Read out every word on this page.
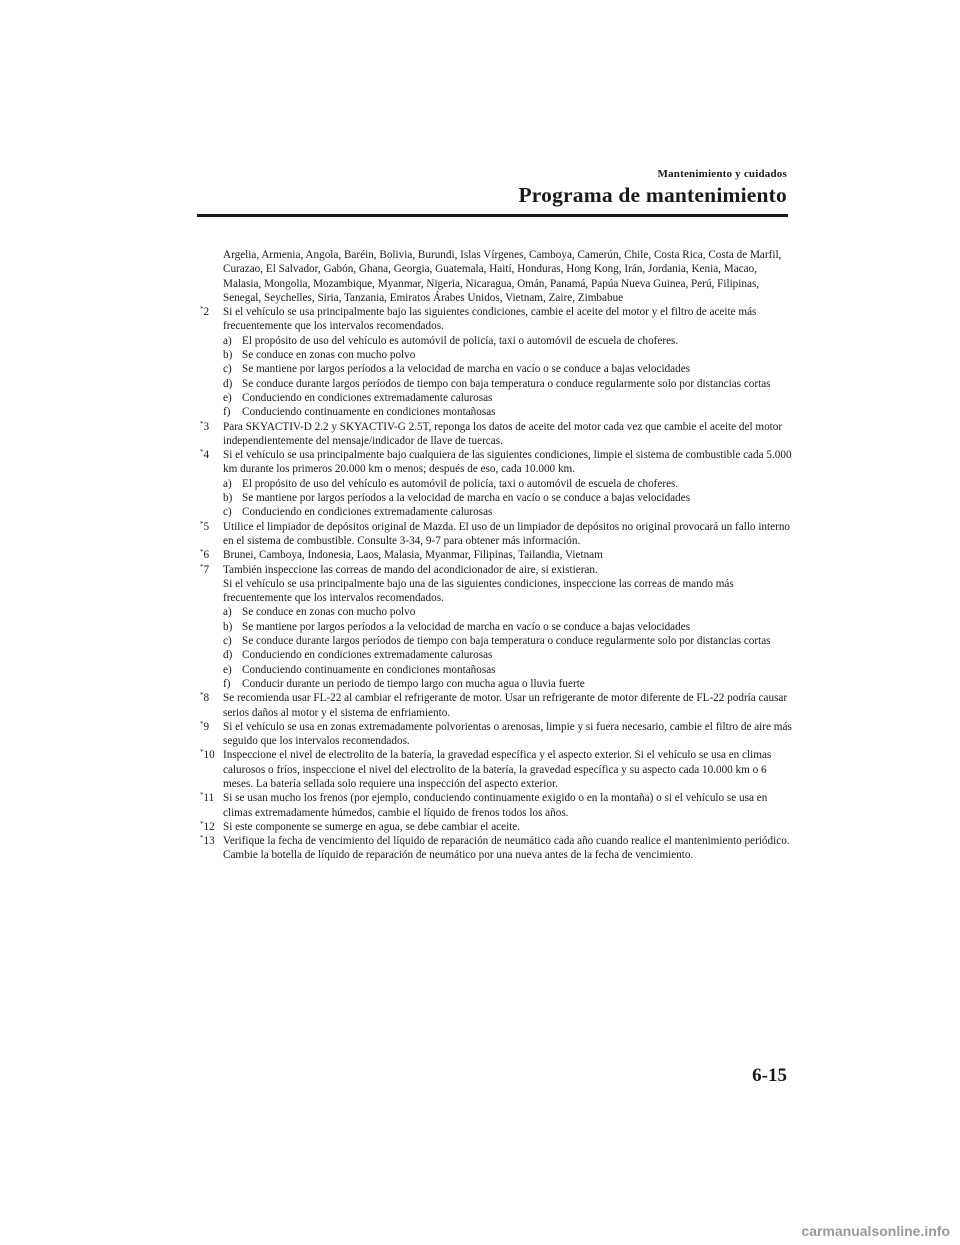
Mantenimiento y cuidados
Programa de mantenimiento
Argelia, Armenia, Angola, Baréin, Bolivia, Burundi, Islas Vírgenes, Camboya, Camerún, Chile, Costa Rica, Costa de Marfil, Curazao, El Salvador, Gabón, Ghana, Georgia, Guatemala, Haití, Honduras, Hong Kong, Irán, Jordania, Kenia, Macao, Malasia, Mongolia, Mozambique, Myanmar, Nigeria, Nicaragua, Omán, Panamá, Papúa Nueva Guinea, Perú, Filipinas, Senegal, Seychelles, Siria, Tanzania, Emiratos Árabes Unidos, Vietnam, Zaire, Zimbabue
*2 Si el vehículo se usa principalmente bajo las siguientes condiciones, cambie el aceite del motor y el filtro de aceite más frecuentemente que los intervalos recomendados.
a) El propósito de uso del vehículo es automóvil de policía, taxi o automóvil de escuela de choferes.
b) Se conduce en zonas con mucho polvo
c) Se mantiene por largos períodos a la velocidad de marcha en vacío o se conduce a bajas velocidades
d) Se conduce durante largos períodos de tiempo con baja temperatura o conduce regularmente solo por distancias cortas
e) Conduciendo en condiciones extremadamente calurosas
f) Conduciendo continuamente en condiciones montañosas
*3 Para SKYACTIV-D 2.2 y SKYACTIV-G 2.5T, reponga los datos de aceite del motor cada vez que cambie el aceite del motor independientemente del mensaje/indicador de llave de tuercas.
*4 Si el vehículo se usa principalmente bajo cualquiera de las siguientes condiciones, limpie el sistema de combustible cada 5.000 km durante los primeros 20.000 km o menos; después de eso, cada 10.000 km.
a) El propósito de uso del vehículo es automóvil de policía, taxi o automóvil de escuela de choferes.
b) Se mantiene por largos períodos a la velocidad de marcha en vacío o se conduce a bajas velocidades
c) Conduciendo en condiciones extremadamente calurosas
*5 Utilice el limpiador de depósitos original de Mazda. El uso de un limpiador de depósitos no original provocará un fallo interno en el sistema de combustible. Consulte 3-34, 9-7 para obtener más información.
*6 Brunei, Camboya, Indonesia, Laos, Malasia, Myanmar, Filipinas, Tailandia, Vietnam
*7 También inspeccione las correas de mando del acondicionador de aire, si existieran.
Si el vehículo se usa principalmente bajo una de las siguientes condiciones, inspeccione las correas de mando más frecuentemente que los intervalos recomendados.
a) Se conduce en zonas con mucho polvo
b) Se mantiene por largos períodos a la velocidad de marcha en vacío o se conduce a bajas velocidades
c) Se conduce durante largos períodos de tiempo con baja temperatura o conduce regularmente solo por distancias cortas
d) Conduciendo en condiciones extremadamente calurosas
e) Conduciendo continuamente en condiciones montañosas
f) Conducir durante un periodo de tiempo largo con mucha agua o lluvia fuerte
*8 Se recomienda usar FL-22 al cambiar el refrigerante de motor. Usar un refrigerante de motor diferente de FL-22 podría causar serios daños al motor y el sistema de enfriamiento.
*9 Si el vehículo se usa en zonas extremadamente polvorientas o arenosas, limpie y si fuera necesario, cambie el filtro de aire más seguido que los intervalos recomendados.
*10 Inspeccione el nivel de electrolito de la batería, la gravedad específica y el aspecto exterior. Si el vehículo se usa en climas calurosos o fríos, inspeccione el nivel del electrolito de la batería, la gravedad específica y su aspecto cada 10.000 km o 6 meses. La batería sellada solo requiere una inspección del aspecto exterior.
*11 Si se usan mucho los frenos (por ejemplo, conduciendo continuamente exigido o en la montaña) o si el vehículo se usa en climas extremadamente húmedos, cambie el líquido de frenos todos los años.
*12 Si este componente se sumerge en agua, se debe cambiar el aceite.
*13 Verifique la fecha de vencimiento del líquido de reparación de neumático cada año cuando realice el mantenimiento periódico. Cambie la botella de líquido de reparación de neumático por una nueva antes de la fecha de vencimiento.
6-15
carmanualsonline.info
